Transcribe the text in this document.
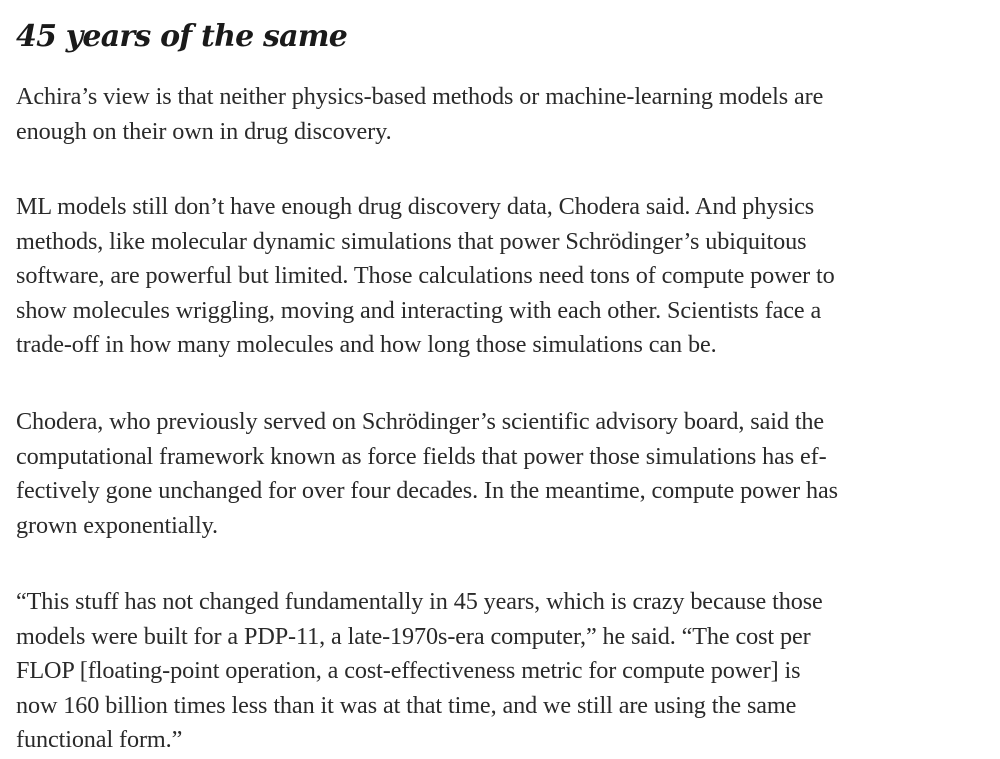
45 years of the same

Achira’s view is that neither physics-based methods or machine-learning models are
enough on their own in drug discovery.

ML models still don’t have enough drug discovery data, Chodera said. And physics
methods, like molecular dynamic simulations that power Schrödinger’s ubiquitous
software, are powerful but limited. Those calculations need tons of compute power to
show molecules wriggling, moving and interacting with each other. Scientists face a
trade-off in how many molecules and how long those simulations can be.

Chodera, who previously served on Schrödinger’s scientific advisory board, said the
computational framework known as force fields that power those simulations has ef-
fectively gone unchanged for over four decades. In the meantime, compute power has
grown exponentially.

“This stuff has not changed fundamentally in 45 years, which is crazy because those
models were built for a PDP-11, a late-1970s-era computer,” he said. “The cost per
FLOP [floating-point operation, a cost-effectiveness metric for compute power] is
now 160 billion times less than it was at that time, and we still are using the same
functional form.”
